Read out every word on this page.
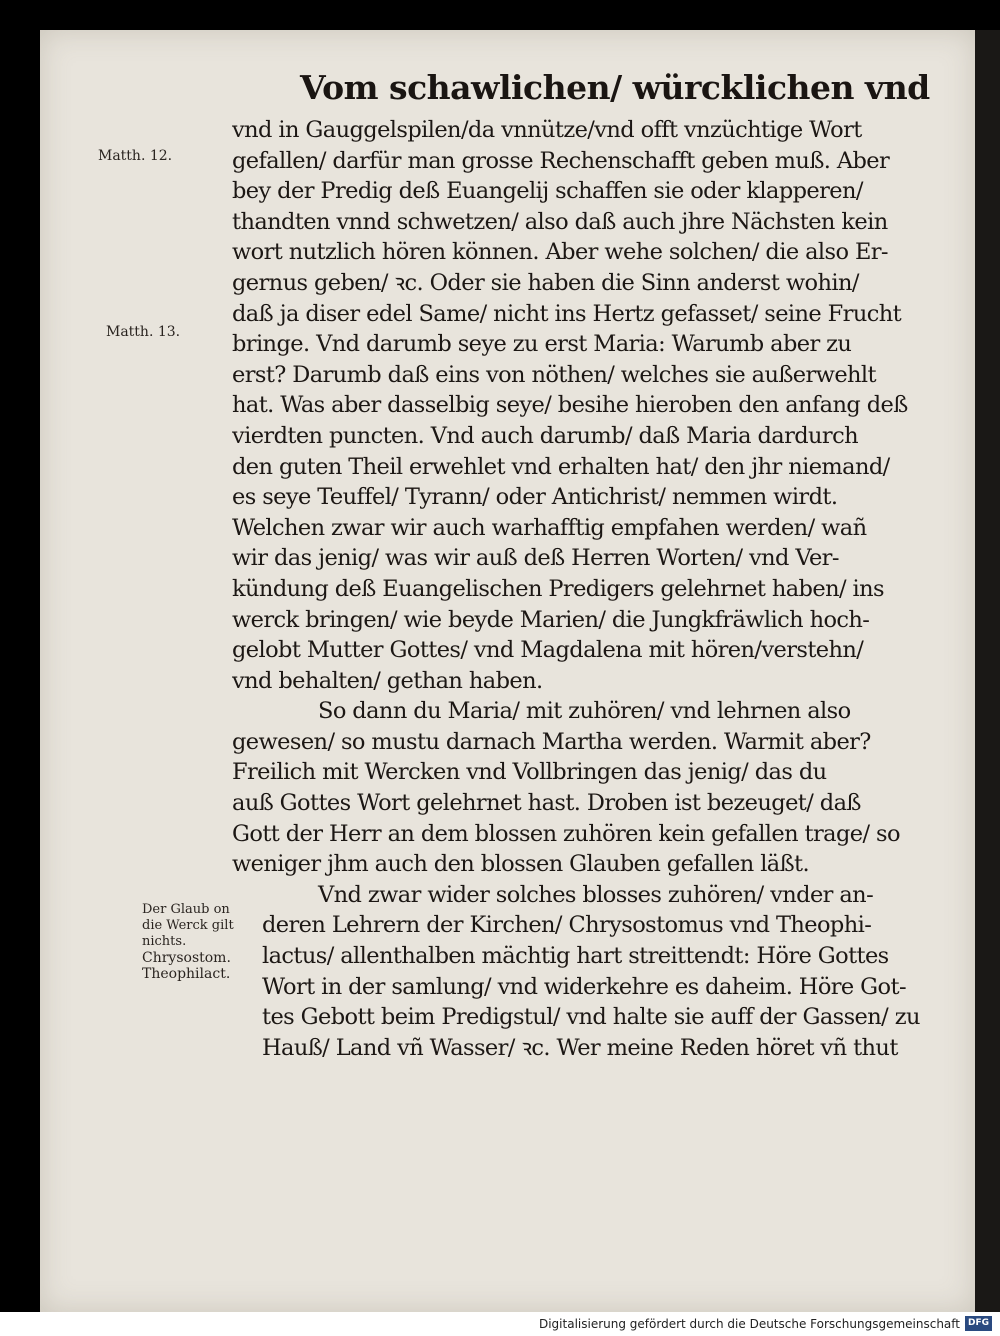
Vom schawlichen/ würcklichen vnd
Matth. 12.
Matth. 13.
Der Glaub on
die Werck gilt
nichts.
Chrysostom.
Theophilact.
vnd in Gauggelspilen/da vnnütze/vnd offt vnzüchtige Wort
gefallen/ darfür man grosse Rechenschafft geben muß. Aber
bey der Predig deß Euangelij schaffen sie oder klapperen/
thandten vnnd schwetzen/ also daß auch jhre Nächsten kein
wort nutzlich hören können. Aber wehe solchen/ die also Er-
gernus geben/ ꝛc. Oder sie haben die Sinn anderst wohin/
daß ja diser edel Same/ nicht ins Hertz gefasset/ seine Frucht
bringe. Vnd darumb seye zu erst Maria: Warumb aber zu
erst? Darumb daß eins von nöthen/ welches sie außerwehlt
hat. Was aber dasselbig seye/ besihe hieroben den anfang deß
vierdten puncten. Vnd auch darumb/ daß Maria dardurch
den guten Theil erwehlet vnd erhalten hat/ den jhr niemand/
es seye Teuffel/ Tyrann/ oder Antichrist/ nemmen wirdt.
Welchen zwar wir auch warhafftig empfahen werden/ wañ
wir das jenig/ was wir auß deß Herren Worten/ vnd Ver-
kündung deß Euangelischen Predigers gelehrnet haben/ ins
werck bringen/ wie beyde Marien/ die Jungkfräwlich hoch-
gelobt Mutter Gottes/ vnd Magdalena mit hören/verstehn/
vnd behalten/ gethan haben.
So dann du Maria/ mit zuhören/ vnd lehrnen also
gewesen/ so mustu darnach Martha werden. Warmit aber?
Freilich mit Wercken vnd Vollbringen das jenig/ das du
auß Gottes Wort gelehrnet hast. Droben ist bezeuget/ daß
Gott der Herr an dem blossen zuhören kein gefallen trage/ so
weniger jhm auch den blossen Glauben gefallen läßt.
Vnd zwar wider solches blosses zuhören/ vnder an-
deren Lehrern der Kirchen/ Chrysostomus vnd Theophi-
lactus/ allenthalben mächtig hart streittendt: Höre Gottes
Wort in der samlung/ vnd widerkehre es daheim. Höre Got-
tes Gebott beim Predigstul/ vnd halte sie auff der Gassen/ zu
Hauß/ Land vñ Wasser/ ꝛc. Wer meine Reden höret vñ thut
Digitalisierung gefördert durch die Deutsche Forschungsgemeinschaft DFG
